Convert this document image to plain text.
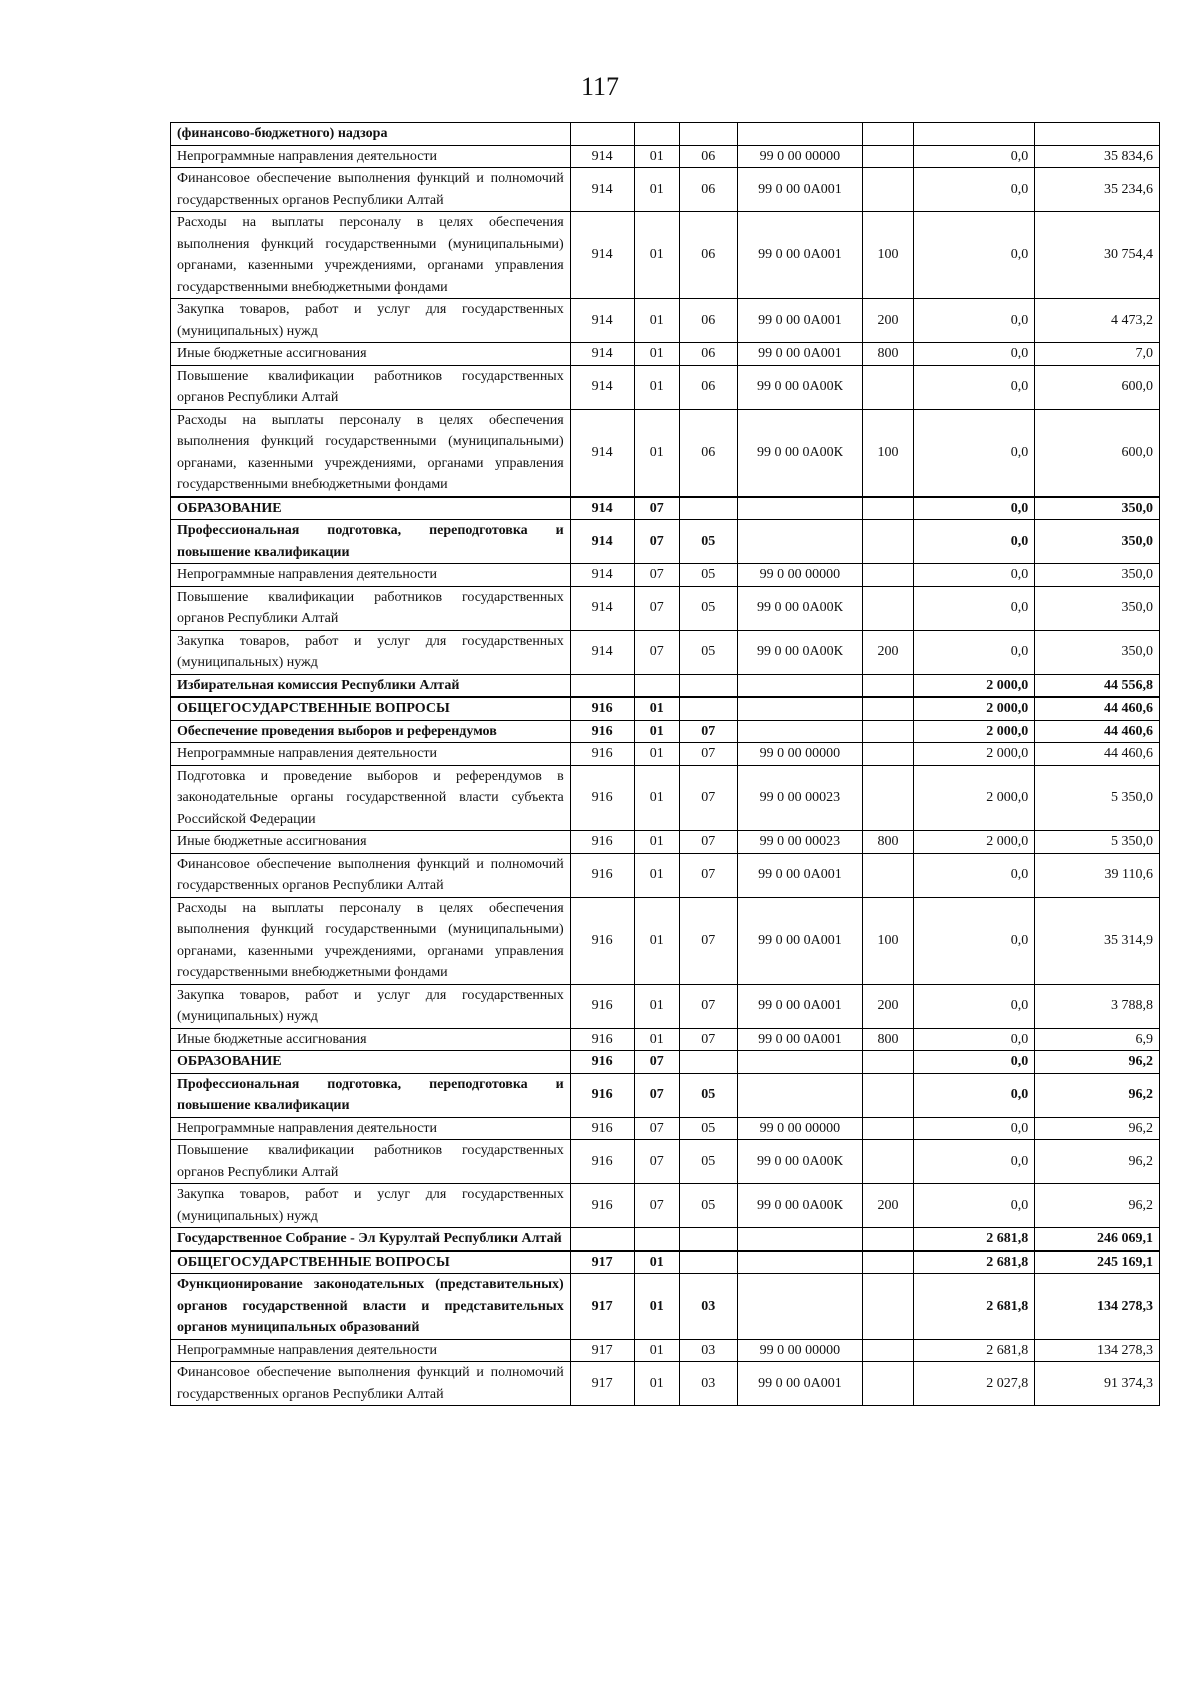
117
(финансово-бюджетного) надзора							
Непрограммные направления деятельности	914	01	06	99 0 00 00000		0,0	35 834,6
Финансовое обеспечение выполнения функций и полномочий государственных органов Республики Алтай	914	01	06	99 0 00 0А001		0,0	35 234,6
Расходы на выплаты персоналу в целях обеспечения выполнения функций государственными (муниципальными) органами, казенными учреждениями, органами управления государственными внебюджетными фондами	914	01	06	99 0 00 0А001	100	0,0	30 754,4
Закупка товаров, работ и услуг для государственных (муниципальных) нужд	914	01	06	99 0 00 0А001	200	0,0	4 473,2
Иные бюджетные ассигнования	914	01	06	99 0 00 0А001	800	0,0	7,0
Повышение квалификации работников государственных органов Республики Алтай	914	01	06	99 0 00 0А00К		0,0	600,0
Расходы на выплаты персоналу в целях обеспечения выполнения функций государственными (муниципальными) органами, казенными учреждениями, органами управления государственными внебюджетными фондами	914	01	06	99 0 00 0А00К	100	0,0	600,0
ОБРАЗОВАНИЕ	914	07				0,0	350,0
Профессиональная подготовка, переподготовка и повышение квалификации	914	07	05			0,0	350,0
Непрограммные направления деятельности	914	07	05	99 0 00 00000		0,0	350,0
Повышение квалификации работников государственных органов Республики Алтай	914	07	05	99 0 00 0А00К		0,0	350,0
Закупка товаров, работ и услуг для государственных (муниципальных) нужд	914	07	05	99 0 00 0А00К	200	0,0	350,0
Избирательная комиссия Республики Алтай						2 000,0	44 556,8
ОБЩЕГОСУДАРСТВЕННЫЕ ВОПРОСЫ	916	01				2 000,0	44 460,6
Обеспечение проведения выборов и референдумов	916	01	07			2 000,0	44 460,6
Непрограммные направления деятельности	916	01	07	99 0 00 00000		2 000,0	44 460,6
Подготовка и проведение выборов и референдумов в законодательные органы государственной власти субъекта Российской Федерации	916	01	07	99 0 00 00023		2 000,0	5 350,0
Иные бюджетные ассигнования	916	01	07	99 0 00 00023	800	2 000,0	5 350,0
Финансовое обеспечение выполнения функций и полномочий государственных органов Республики Алтай	916	01	07	99 0 00 0А001		0,0	39 110,6
Расходы на выплаты персоналу в целях обеспечения выполнения функций государственными (муниципальными) органами, казенными учреждениями, органами управления государственными внебюджетными фондами	916	01	07	99 0 00 0А001	100	0,0	35 314,9
Закупка товаров, работ и услуг для государственных (муниципальных) нужд	916	01	07	99 0 00 0А001	200	0,0	3 788,8
Иные бюджетные ассигнования	916	01	07	99 0 00 0А001	800	0,0	6,9
ОБРАЗОВАНИЕ	916	07				0,0	96,2
Профессиональная подготовка, переподготовка и повышение квалификации	916	07	05			0,0	96,2
Непрограммные направления деятельности	916	07	05	99 0 00 00000		0,0	96,2
Повышение квалификации работников государственных органов Республики Алтай	916	07	05	99 0 00 0А00К		0,0	96,2
Закупка товаров, работ и услуг для государственных (муниципальных) нужд	916	07	05	99 0 00 0А00К	200	0,0	96,2
Государственное Собрание - Эл Курултай Республики Алтай						2 681,8	246 069,1
ОБЩЕГОСУДАРСТВЕННЫЕ ВОПРОСЫ	917	01				2 681,8	245 169,1
Функционирование законодательных (представительных) органов государственной власти и представительных органов муниципальных образований	917	01	03			2 681,8	134 278,3
Непрограммные направления деятельности	917	01	03	99 0 00 00000		2 681,8	134 278,3
Финансовое обеспечение выполнения функций и полномочий государственных органов Республики Алтай	917	01	03	99 0 00 0А001		2 027,8	91 374,3
